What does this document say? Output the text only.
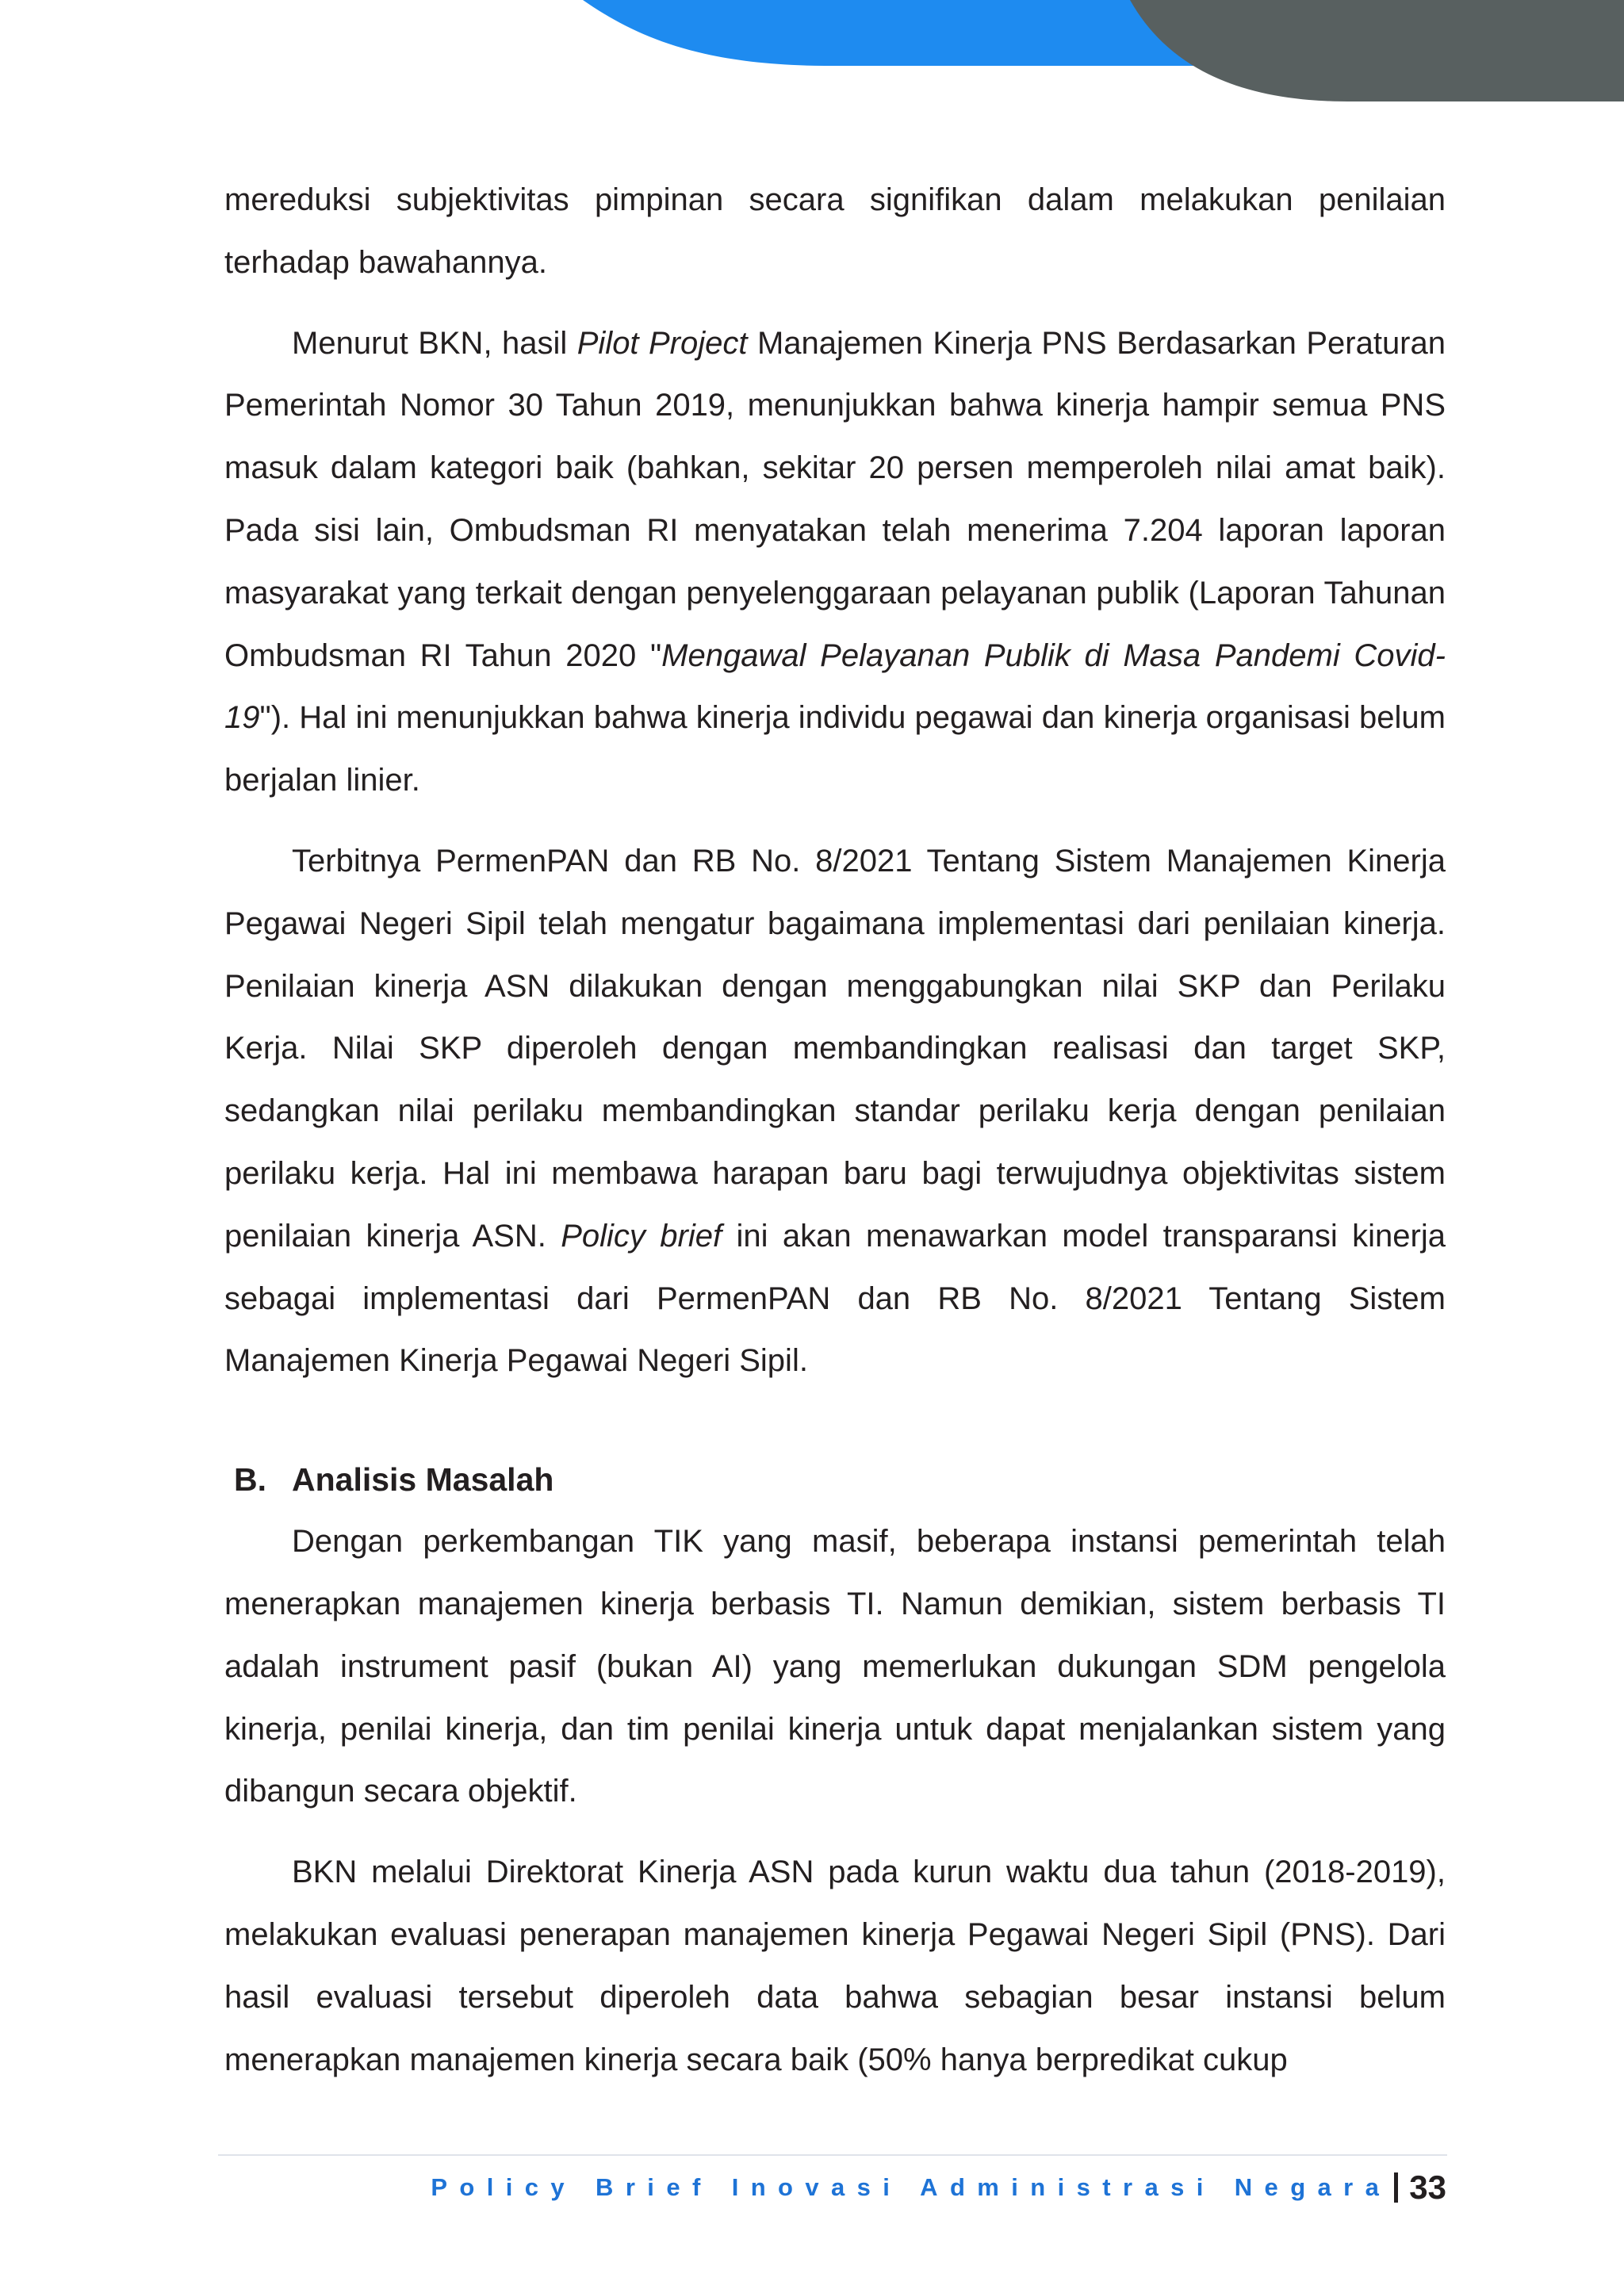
mereduksi subjektivitas pimpinan secara signifikan dalam melakukan penilaian terhadap bawahannya.

Menurut BKN, hasil Pilot Project Manajemen Kinerja PNS Berdasarkan Peraturan Pemerintah Nomor 30 Tahun 2019, menunjukkan bahwa kinerja hampir semua PNS masuk dalam kategori baik (bahkan, sekitar 20 persen memperoleh nilai amat baik). Pada sisi lain, Ombudsman RI menyatakan telah menerima 7.204 laporan laporan masyarakat yang terkait dengan penyelenggaraan pelayanan publik (Laporan Tahunan Ombudsman RI Tahun 2020 "Mengawal Pelayanan Publik di Masa Pandemi Covid-19"). Hal ini menunjukkan bahwa kinerja individu pegawai dan kinerja organisasi belum berjalan linier.

Terbitnya PermenPAN dan RB No. 8/2021 Tentang Sistem Manajemen Kinerja Pegawai Negeri Sipil telah mengatur bagaimana implementasi dari penilaian kinerja. Penilaian kinerja ASN dilakukan dengan menggabungkan nilai SKP dan Perilaku Kerja. Nilai SKP diperoleh dengan membandingkan realisasi dan target SKP, sedangkan nilai perilaku membandingkan standar perilaku kerja dengan penilaian perilaku kerja. Hal ini membawa harapan baru bagi terwujudnya objektivitas sistem penilaian kinerja ASN. Policy brief ini akan menawarkan model transparansi kinerja sebagai implementasi dari PermenPAN dan RB No. 8/2021 Tentang Sistem Manajemen Kinerja Pegawai Negeri Sipil.

B. Analisis Masalah

Dengan perkembangan TIK yang masif, beberapa instansi pemerintah telah menerapkan manajemen kinerja berbasis TI. Namun demikian, sistem berbasis TI adalah instrument pasif (bukan AI) yang memerlukan dukungan SDM pengelola kinerja, penilai kinerja, dan tim penilai kinerja untuk dapat menjalankan sistem yang dibangun secara objektif.

BKN melalui Direktorat Kinerja ASN pada kurun waktu dua tahun (2018-2019), melakukan evaluasi penerapan manajemen kinerja Pegawai Negeri Sipil (PNS). Dari hasil evaluasi tersebut diperoleh data bahwa sebagian besar instansi belum menerapkan manajemen kinerja secara baik (50% hanya berpredikat cukup

Policy Brief Inovasi Administrasi Negara 33
